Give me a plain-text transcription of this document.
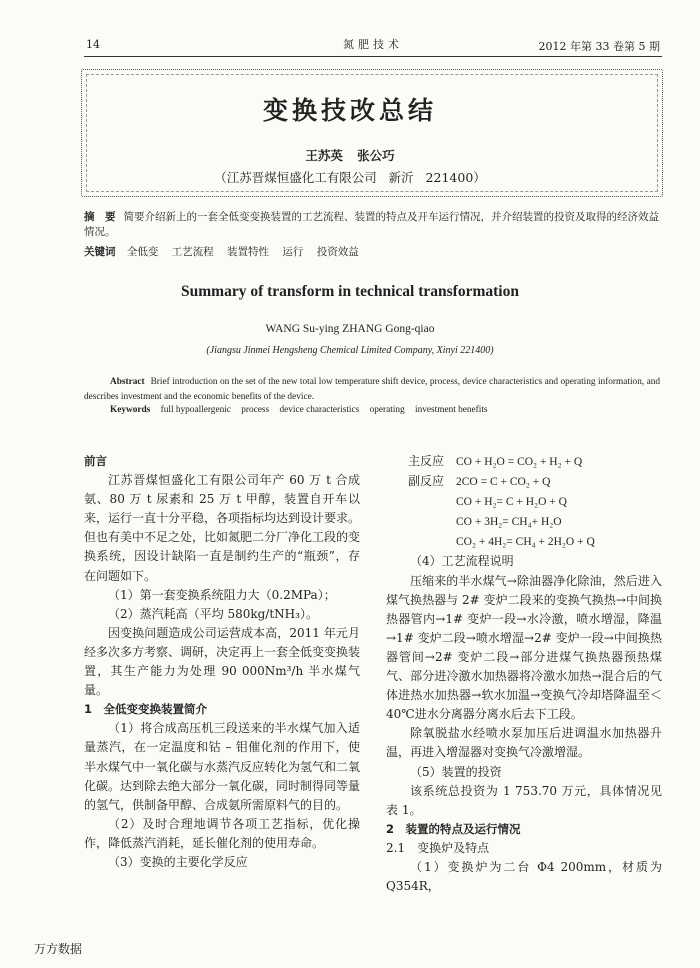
14	氮肥技术	2012 年第 33 卷第 5 期
变换技改总结
王苏英 张公巧
（江苏晋煤恒盛化工有限公司   新沂   221400）
摘　要 简要介绍新上的一套全低变变换装置的工艺流程、装置的特点及开车运行情况，并介绍装置的投资及取得的经济效益情况。
关键词 全低变 工艺流程 装置特性 运行 投资效益
Summary of transform in technical transformation
WANG Su-ying ZHANG Gong-qiao
(Jiangsu Jinmei Hengsheng Chemical Limited Company, Xinyi 221400)
Abstract Brief introduction on the set of the new total low temperature shift device, process, device characteristics and operating information, and describes investment and the economic benefits of the device.
Keywords full hypoallergenic process device characteristics operating investment benefits

前言

江苏晋煤恒盛化工有限公司年产 60 万 t 合成氨、80 万 t 尿素和 25 万 t 甲醇，装置自开车以来，运行一直十分平稳，各项指标均达到设计要求。但也有美中不足之处，比如氮肥二分厂净化工段的变换系统，因设计缺陷一直是制约生产的“瓶颈”，存在问题如下。

（1）第一套变换系统阻力大（0.2MPa）；

（2）蒸汽耗高（平均 580kg/tNH₃）。

因变换问题造成公司运营成本高，2011 年元月经多次多方考察、调研，决定再上一套全低变变换装置，其生产能力为处理 90 000Nm³/h 半水煤气量。

1　全低变变换装置简介

（1）将合成高压机三段送来的半水煤气加入适量蒸汽，在一定温度和钴 – 钼催化剂的作用下，使半水煤气中一氧化碳与水蒸汽反应转化为氢气和二氧化碳。达到除去绝大部分一氧化碳，同时制得同等量的氢气，供制备甲醇、合成氨所需原料气的目的。

（2）及时合理地调节各项工艺指标，优化操作，降低蒸汽消耗，延长催化剂的使用寿命。

（3）变换的主要化学反应

主反应 CO + H₂O = CO₂ + H₂ + Q

副反应 2CO = C + CO₂ + Q

CO + H₂= C + H₂O + Q

CO + 3H₂= CH₄+ H₂O

CO₂ + 4H₂= CH₄ + 2H₂O + Q

（4）工艺流程说明

压缩来的半水煤气→除油器净化除油，然后进入煤气换热器与 2# 变炉二段来的变换气换热→中间换热器管内→1# 变炉一段→水冷激，喷水增湿，降温→1# 变炉二段→喷水增湿→2# 变炉一段→中间换热器管间→2# 变炉二段→部分进煤气换热器预热煤气、部分进冷激水加热器将冷激水加热→混合后的气体进热水加热器→软水加温→变换气冷却塔降温至＜40℃进水分离器分离水后去下工段。

除氧脱盐水经喷水泵加压后进调温水加热器升温，再进入增湿器对变换气冷激增湿。

（5）装置的投资

该系统总投资为 1 753.70 万元，具体情况见表 1。

2　装置的特点及运行情况

2.1　变换炉及特点

（1）变换炉为二台 Φ4 200mm，材质为 Q354R，

万方数据
